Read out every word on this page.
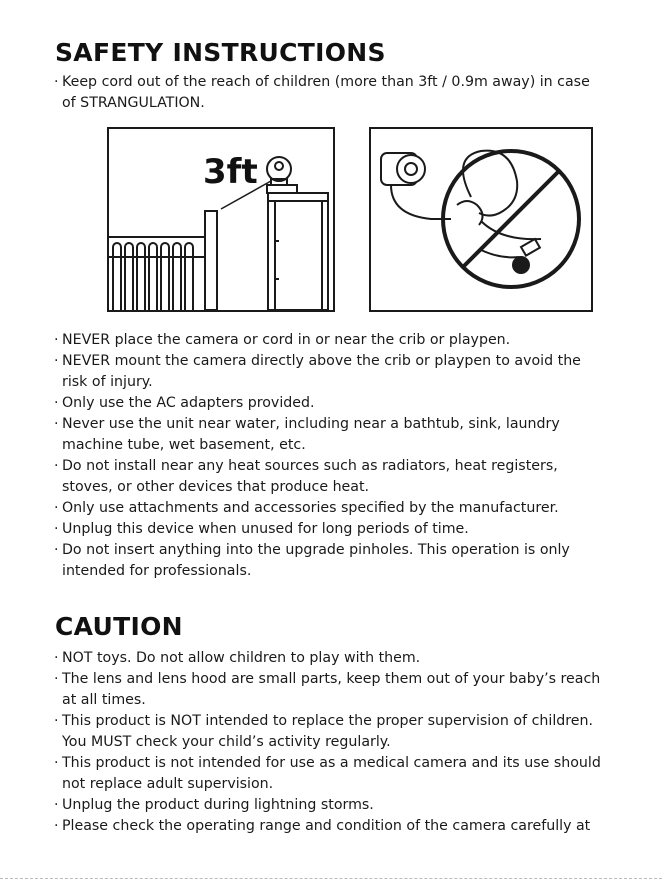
SAFETY INSTRUCTIONS
· Keep cord out of the reach of children (more than 3ft / 0.9m away) in case
of STRANGULATION.
3ft
· NEVER place the camera or cord in or near the crib or playpen.
· NEVER mount the camera directly above the crib or playpen to avoid the
risk of injury.
· Only use the AC adapters provided.
· Never use the unit near water, including near a bathtub, sink, laundry
machine tube, wet basement, etc.
· Do not install near any heat sources such as radiators, heat registers,
stoves, or other devices that produce heat.
· Only use attachments and accessories specified by the manufacturer.
· Unplug this device when unused for long periods of time.
· Do not insert anything into the upgrade pinholes. This operation is only
intended for professionals.
CAUTION
· NOT toys. Do not allow children to play with them.
· The lens and lens hood are small parts, keep them out of your baby’s reach
at all times.
· This product is NOT intended to replace the proper supervision of children.
You MUST check your child’s activity regularly.
· This product is not intended for use as a medical camera and its use should
not replace adult supervision.
· Unplug the product during lightning storms.
· Please check the operating range and condition of the camera carefully at
